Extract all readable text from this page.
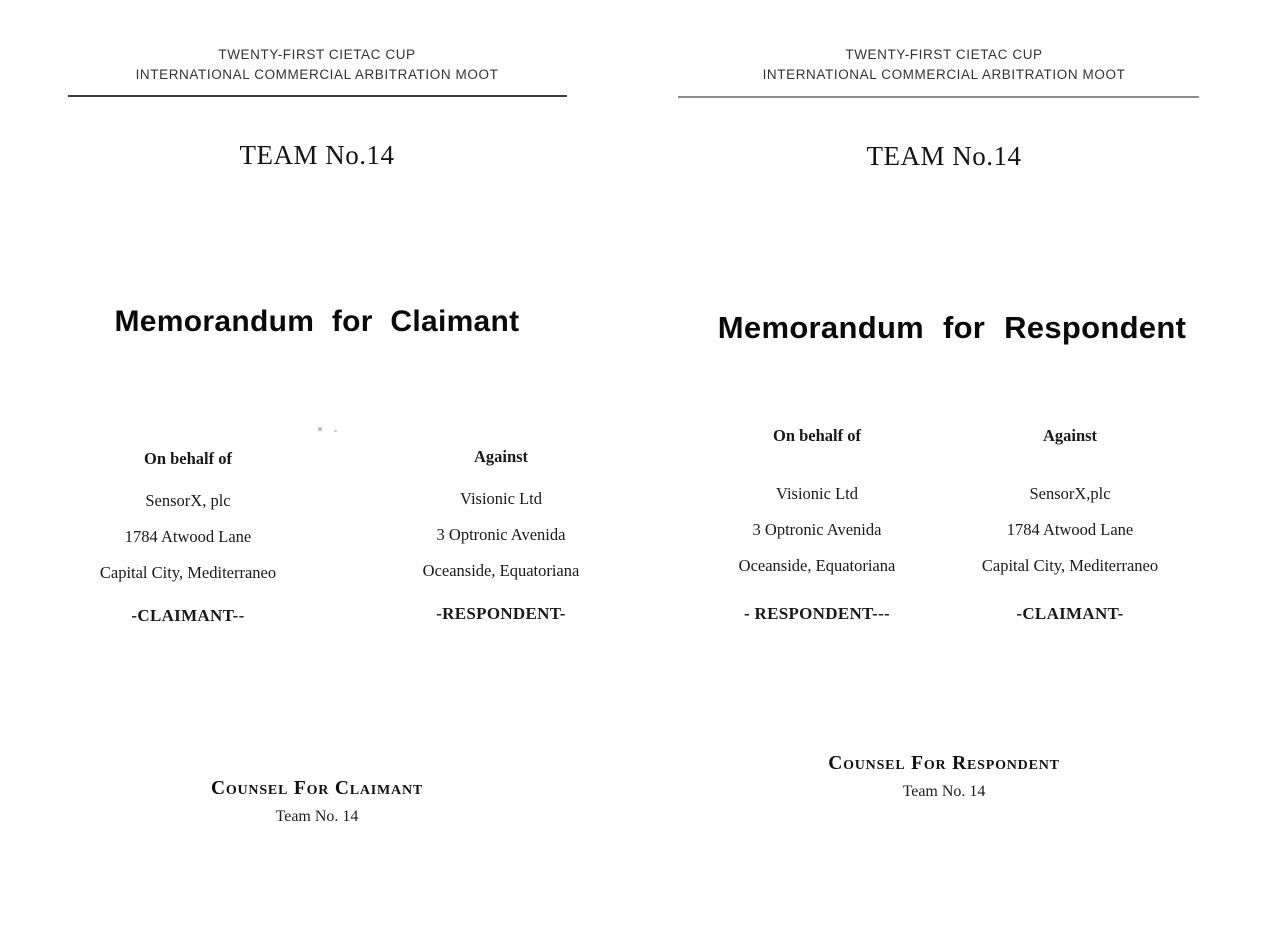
TWENTY-FIRST CIETAC CUP
INTERNATIONAL COMMERCIAL ARBITRATION MOOT
TEAM No.14
Memorandum for Claimant
On behalf of
SensorX, plc
1784 Atwood Lane
Capital City, Mediterraneo
-CLAIMANT--
Against
Visionic Ltd
3 Optronic Avenida
Oceanside, Equatoriana
-RESPONDENT-
Counsel For Claimant
Team No. 14
TWENTY-FIRST CIETAC CUP
INTERNATIONAL COMMERCIAL ARBITRATION MOOT
TEAM No.14
Memorandum for Respondent
On behalf of
Visionic Ltd
3 Optronic Avenida
Oceanside, Equatoriana
- RESPONDENT---
Against
SensorX,plc
1784 Atwood Lane
Capital City, Mediterraneo
-CLAIMANT-
Counsel For Respondent
Team No. 14
